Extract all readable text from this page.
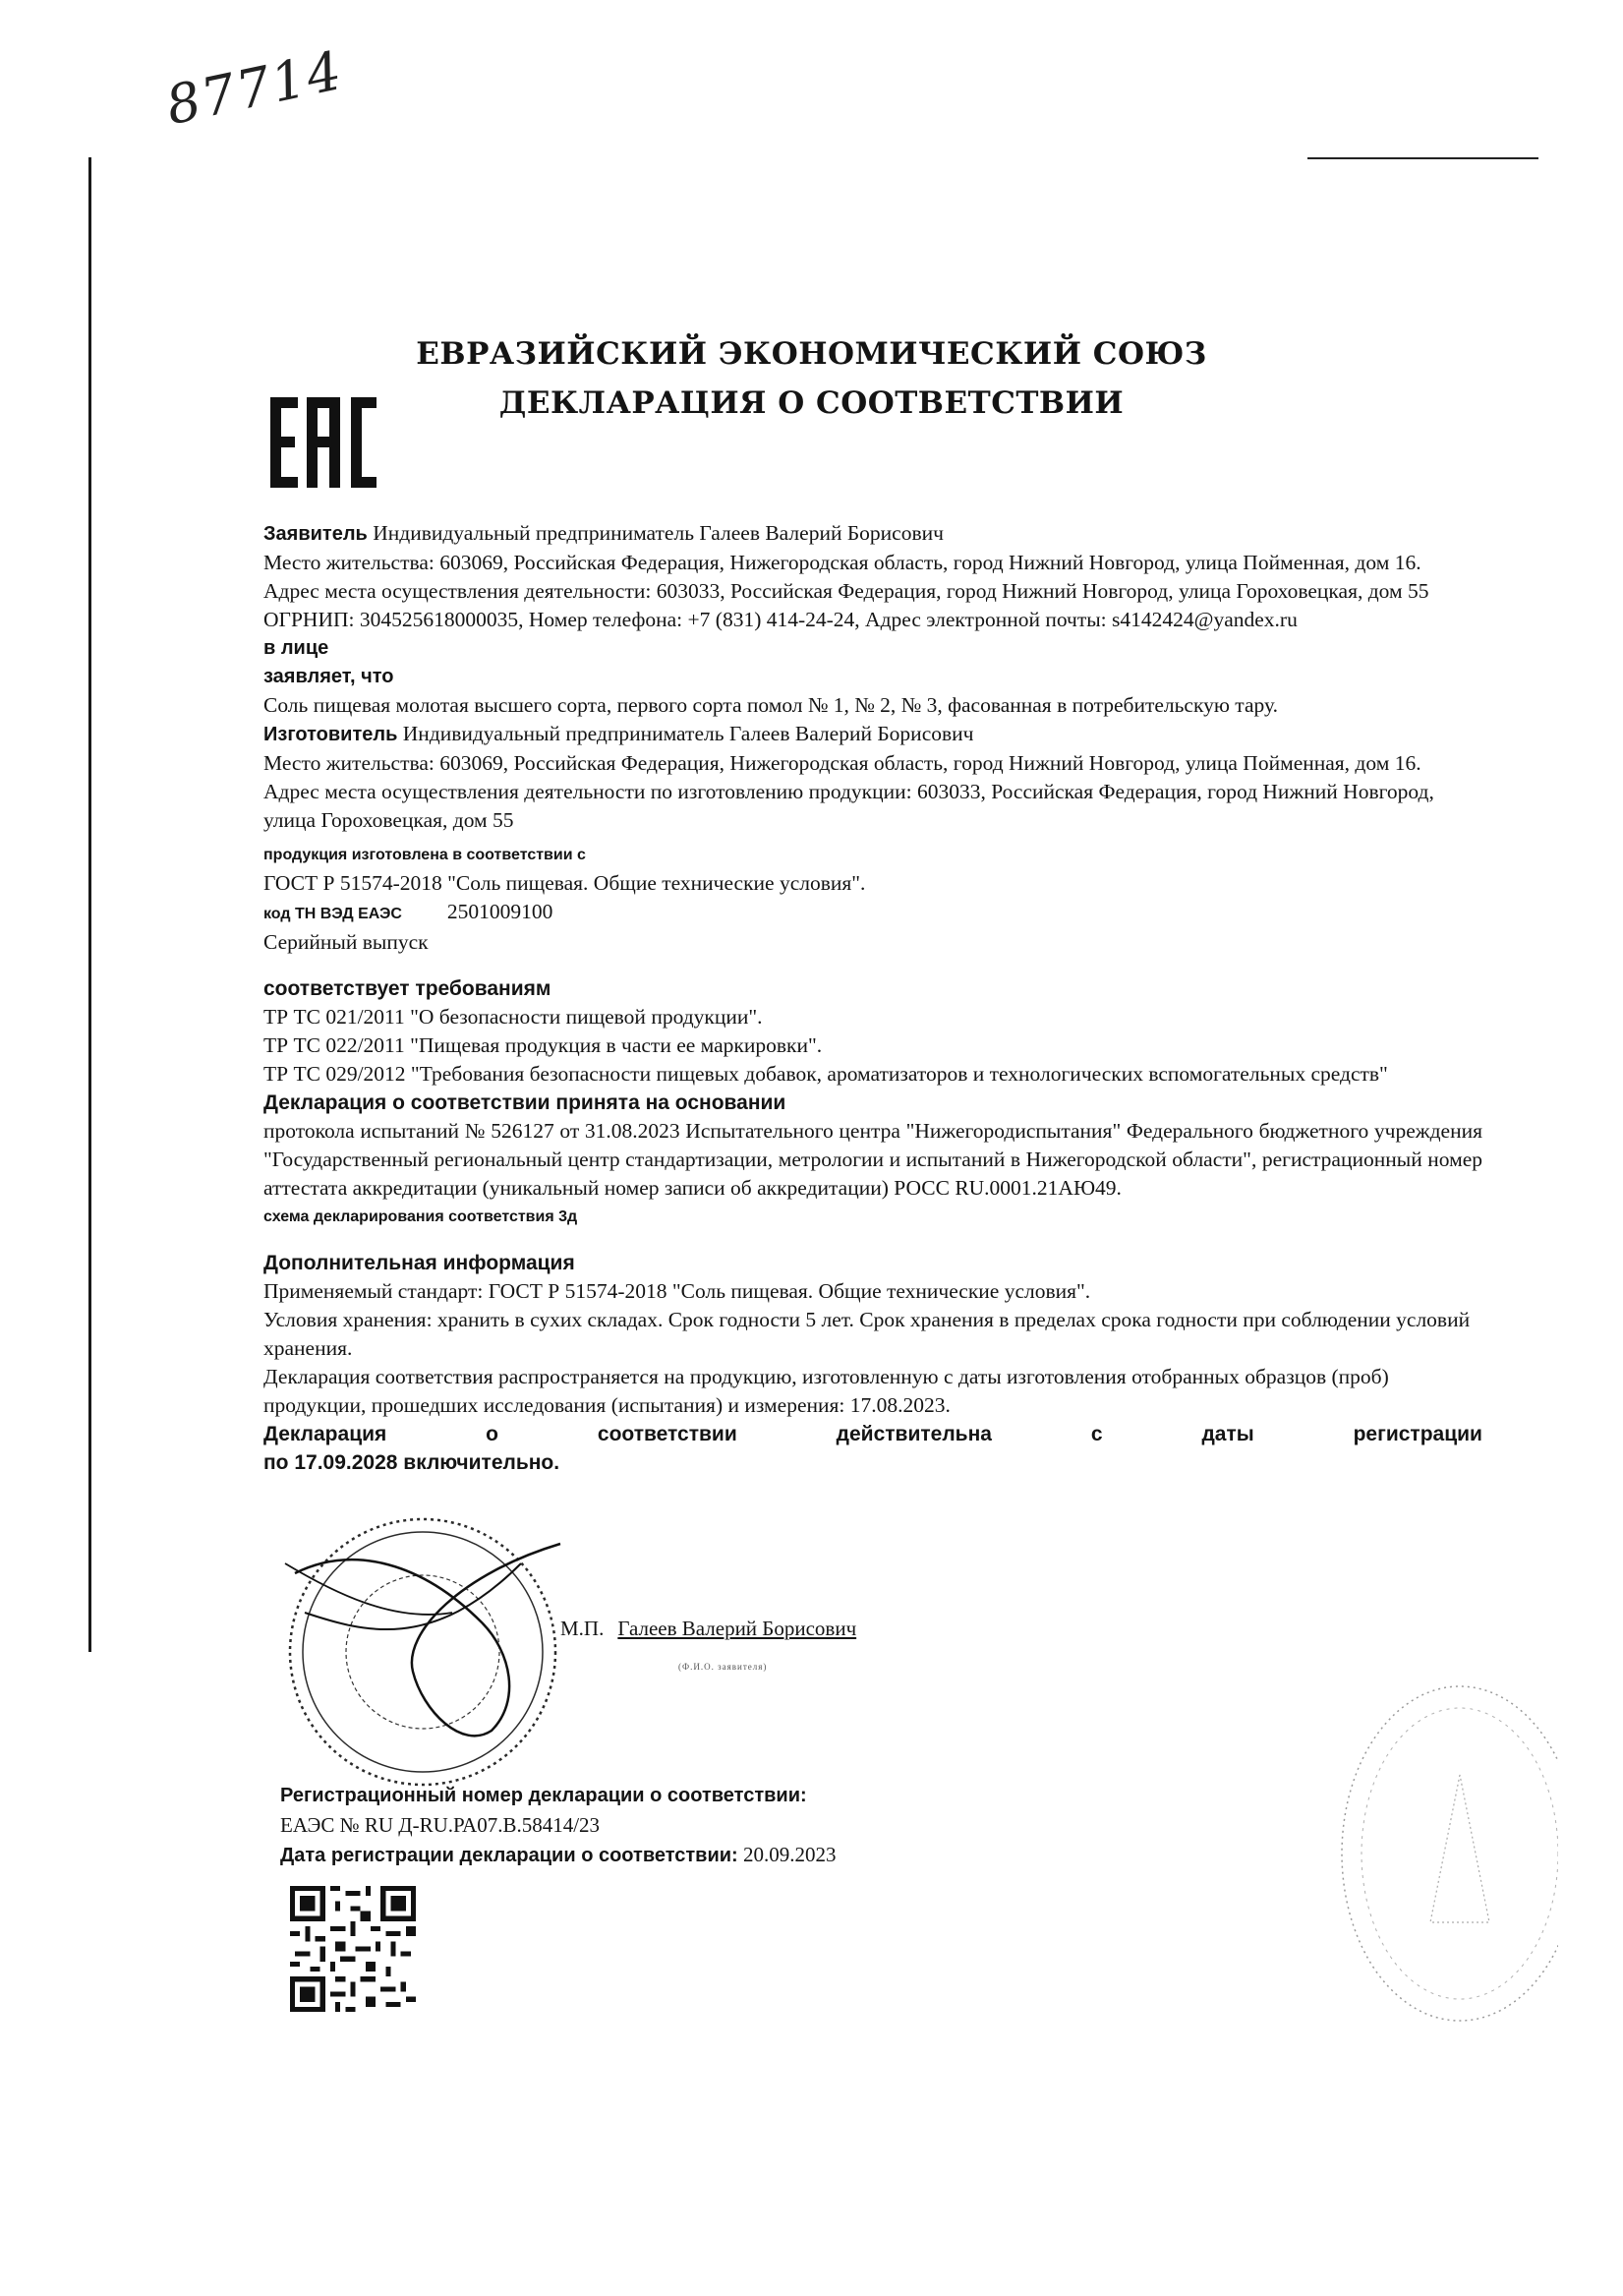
87714
ЕВРАЗИЙСКИЙ ЭКОНОМИЧЕСКИЙ СОЮЗ
ДЕКЛАРАЦИЯ О СООТВЕТСТВИИ

Заявитель Индивидуальный предприниматель Галеев Валерий Борисович

Место жительства: 603069, Российская Федерация, Нижегородская область, город Нижний Новгород, улица Пойменная, дом 16.

Адрес места осуществления деятельности: 603033, Российская Федерация, город Нижний Новгород, улица Гороховецкая, дом 55

ОГРНИП: 304525618000035, Номер телефона: +7 (831) 414-24-24, Адрес электронной почты: s4142424@yandex.ru

в лице

заявляет, что

Соль пищевая молотая высшего сорта, первого сорта помол № 1, № 2, № 3, фасованная в потребительскую тару.

Изготовитель Индивидуальный предприниматель Галеев Валерий Борисович

Место жительства: 603069, Российская Федерация, Нижегородская область, город Нижний Новгород, улица Пойменная, дом 16.

Адрес места осуществления деятельности по изготовлению продукции: 603033, Российская Федерация, город Нижний Новгород, улица Гороховецкая, дом 55

продукция изготовлена в соответствии с

ГОСТ Р 51574-2018 "Соль пищевая. Общие технические условия".

код ТН ВЭД ЕАЭС 2501009100

Серийный выпуск

соответствует требованиям

ТР ТС 021/2011 "О безопасности пищевой продукции".

ТР ТС 022/2011 "Пищевая продукция в части ее маркировки".

ТР ТС 029/2012 "Требования безопасности пищевых добавок, ароматизаторов и технологических вспомогательных средств"

Декларация о соответствии принята на основании

протокола испытаний № 526127 от 31.08.2023 Испытательного центра "Нижегородиспытания" Федерального бюджетного учреждения "Государственный региональный центр стандартизации, метрологии и испытаний в Нижегородской области", регистрационный номер аттестата аккредитации (уникальный номер записи об аккредитации) РОСС RU.0001.21АЮ49.

схема декларирования соответствия 3д

Дополнительная информация

Применяемый стандарт: ГОСТ Р 51574-2018 "Соль пищевая. Общие технические условия".

Условия хранения: хранить в сухих складах. Срок годности 5 лет. Срок хранения в пределах срока годности при соблюдении условий хранения.

Декларация соответствия распространяется на продукцию, изготовленную с даты изготовления отобранных образцов (проб) продукции, прошедших исследования (испытания) и измерения: 17.08.2023.

Декларация	о	соответствии	действительна	с	даты	регистрации

по 17.09.2028 включительно.

М.П. Галеев Валерий Борисович
(Ф.И.О. заявителя)
Регистрационный номер декларации о соответствии:
ЕАЭС № RU Д-RU.РА07.В.58414/23
Дата регистрации декларации о соответствии: 20.09.2023
